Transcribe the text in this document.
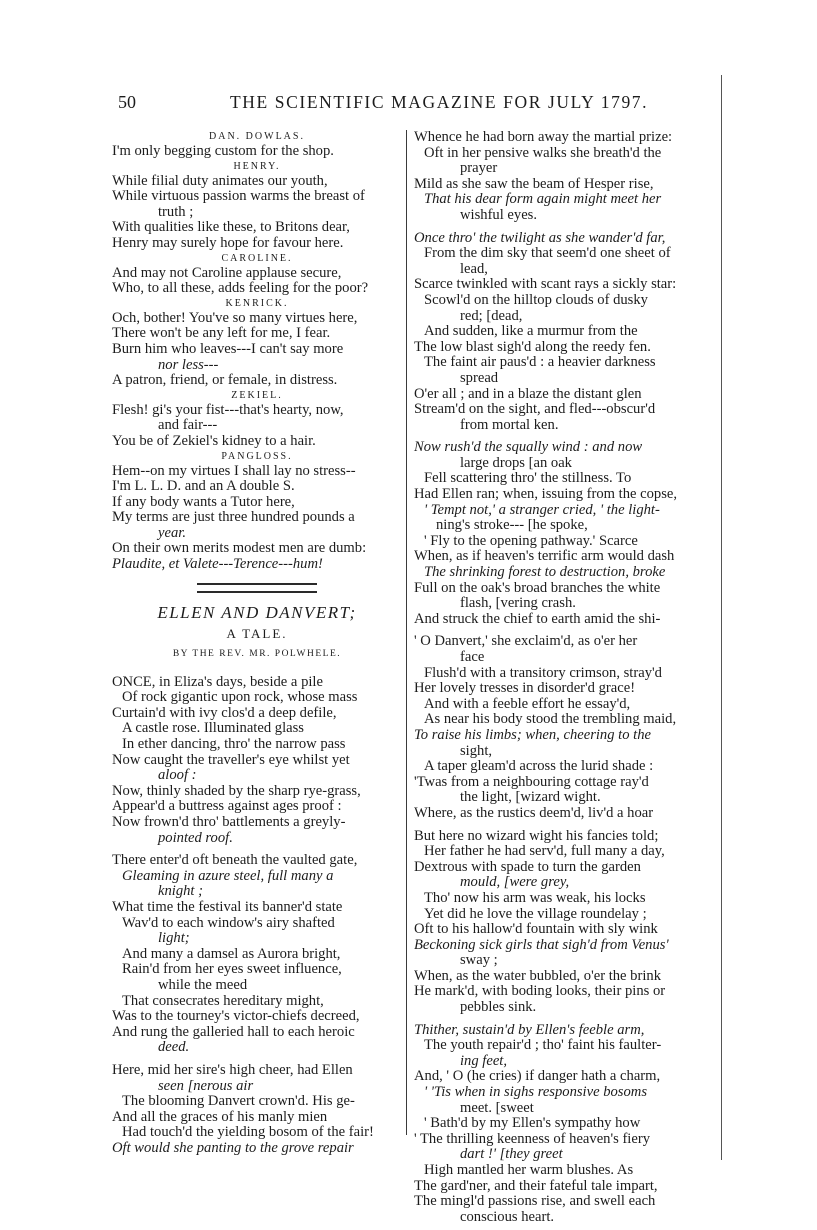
50	THE SCIENTIFIC MAGAZINE FOR JULY 1797.
DAN. DOWLAS.
I'm only begging custom for the shop.
HENRY.
While filial duty animates our youth,
While virtuous passion warms the breast of
truth ;
With qualities like these, to Britons dear,
Henry may surely hope for favour here.
CAROLINE.
And may not Caroline applause secure,
Who, to all these, adds feeling for the poor?
KENRICK.
Och, bother! You've so many virtues here,
There won't be any left for me, I fear.
Burn him who leaves---I can't say more
nor less---
A patron, friend, or female, in distress.
ZEKIEL.
Flesh! gi's your fist---that's hearty, now,
and fair---
You be of Zekiel's kidney to a hair.
PANGLOSS.
Hem--on my virtues I shall lay no stress--
I'm L. L. D. and an A double S.
If any body wants a Tutor here,
My terms are just three hundred pounds a
year.
On their own merits modest men are dumb:
Plaudite, et Valete---Terence---hum!
ELLEN AND DANVERT;
A TALE.
BY THE REV. MR. POLWHELE.
ONCE, in Eliza's days, beside a pile
Of rock gigantic upon rock, whose mass
Curtain'd with ivy clos'd a deep defile,
A castle rose. Illuminated glass
In ether dancing, thro' the narrow pass
Now caught the traveller's eye whilst yet
aloof :
Now, thinly shaded by the sharp rye-grass,
Appear'd a buttress against ages proof :
Now frown'd thro' battlements a greyly-
pointed roof.
There enter'd oft beneath the vaulted gate,
Gleaming in azure steel, full many a
knight ;
What time the festival its banner'd state
Wav'd to each window's airy shafted
light;
And many a damsel as Aurora bright,
Rain'd from her eyes sweet influence,
while the meed
That consecrates hereditary might,
Was to the tourney's victor-chiefs decreed,
And rung the galleried hall to each heroic
deed.
Here, mid her sire's high cheer, had Ellen
seen [nerous air
The blooming Danvert crown'd. His ge-
And all the graces of his manly mien
Had touch'd the yielding bosom of the fair!
Oft would she panting to the grove repair
Whence he had born away the martial prize:
Oft in her pensive walks she breath'd the
prayer
Mild as she saw the beam of Hesper rise,
That his dear form again might meet her
wishful eyes.
Once thro' the twilight as she wander'd far,
From the dim sky that seem'd one sheet of
lead,
Scarce twinkled with scant rays a sickly star:
Scowl'd on the hilltop clouds of dusky
red; [dead,
And sudden, like a murmur from the
The low blast sigh'd along the reedy fen.
The faint air paus'd : a heavier darkness
spread
O'er all ; and in a blaze the distant glen
Stream'd on the sight, and fled---obscur'd
from mortal ken.
Now rush'd the squally wind : and now
large drops [an oak
Fell scattering thro' the stillness. To
Had Ellen ran; when, issuing from the copse,
' Tempt not,' a stranger cried, ' the light-
ning's stroke--- [he spoke,
' Fly to the opening pathway.' Scarce
When, as if heaven's terrific arm would dash
The shrinking forest to destruction, broke
Full on the oak's broad branches the white
flash, [vering crash.
And struck the chief to earth amid the shi-
' O Danvert,' she exclaim'd, as o'er her
face
Flush'd with a transitory crimson, stray'd
Her lovely tresses in disorder'd grace!
And with a feeble effort he essay'd,
As near his body stood the trembling maid,
To raise his limbs; when, cheering to the
sight,
A taper gleam'd across the lurid shade :
'Twas from a neighbouring cottage ray'd
the light, [wizard wight.
Where, as the rustics deem'd, liv'd a hoar
But here no wizard wight his fancies told;
Her father he had serv'd, full many a day,
Dextrous with spade to turn the garden
mould, [were grey,
Tho' now his arm was weak, his locks
Yet did he love the village roundelay ;
Oft to his hallow'd fountain with sly wink
Beckoning sick girls that sigh'd from Venus'
sway ;
When, as the water bubbled, o'er the brink
He mark'd, with boding looks, their pins or
pebbles sink.
Thither, sustain'd by Ellen's feeble arm,
The youth repair'd ; tho' faint his faulter-
ing feet,
And, ' O (he cries) if danger hath a charm,
' 'Tis when in sighs responsive bosoms
meet. [sweet
' Bath'd by my Ellen's sympathy how
' The thrilling keenness of heaven's fiery
dart !' [they greet
High mantled her warm blushes. As
The gard'ner, and their fateful tale impart,
The mingl'd passions rise, and swell each
conscious heart.
